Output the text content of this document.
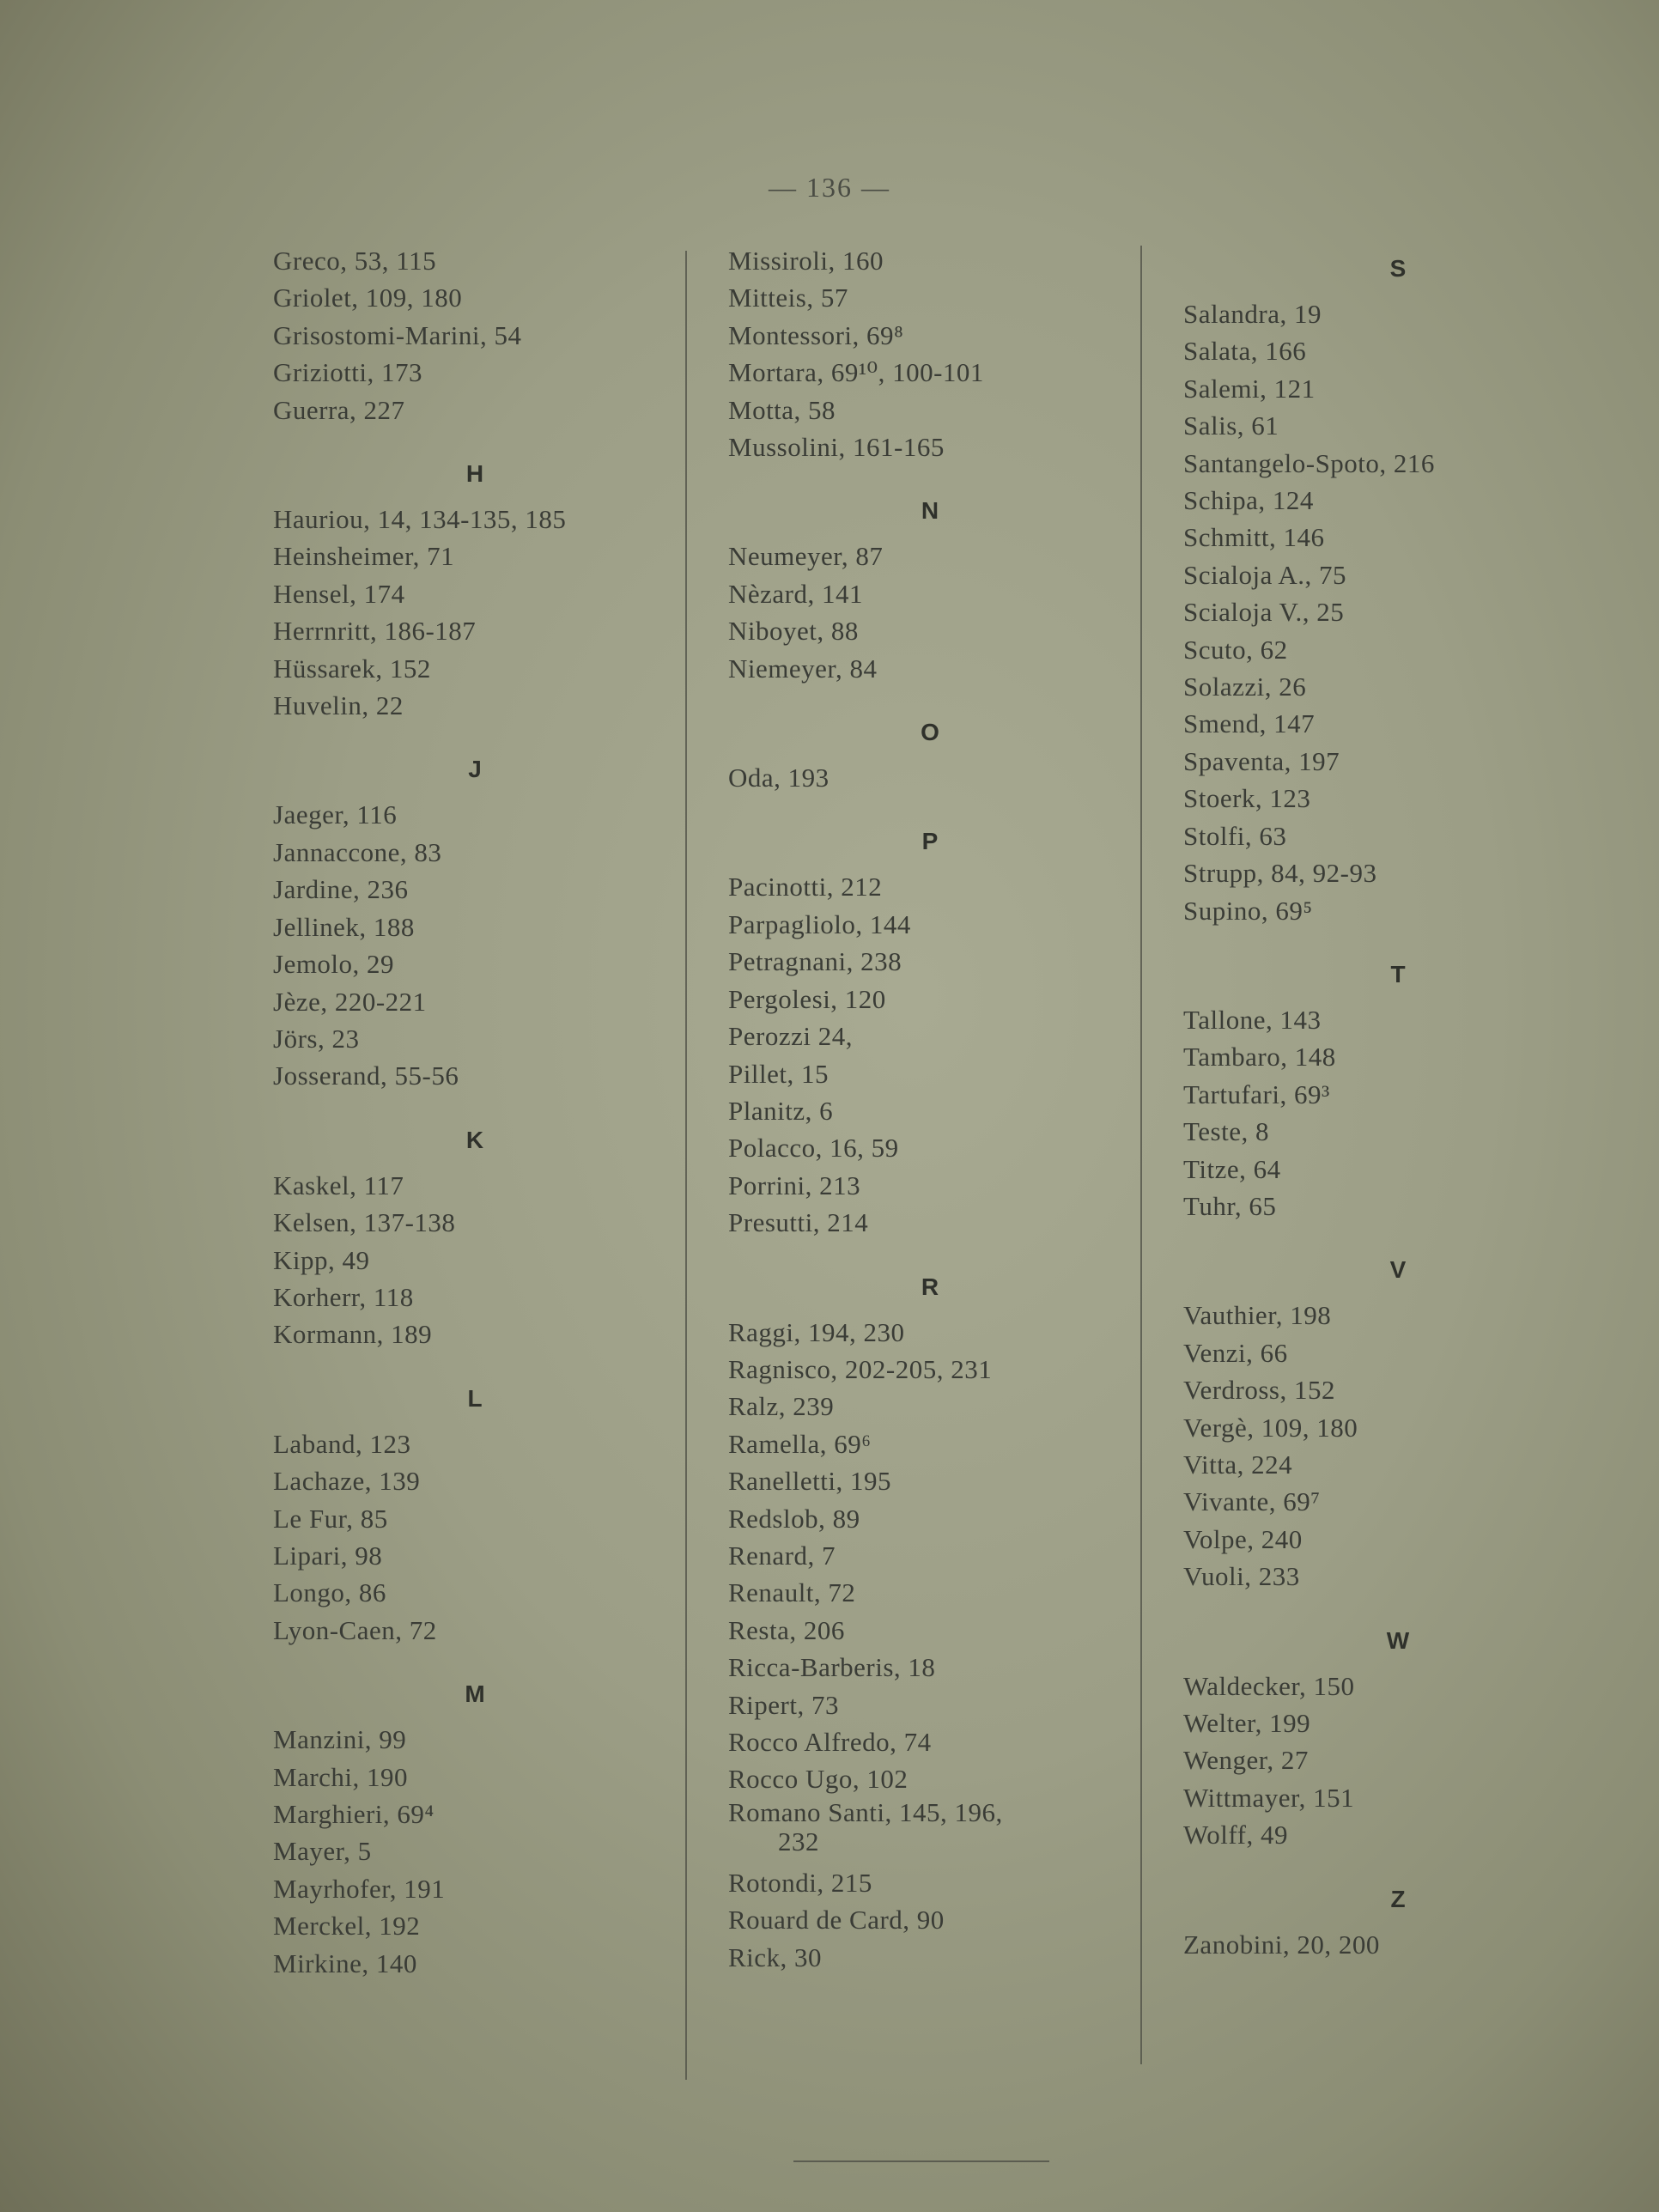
— 136 —
Greco, 53, 115
Griolet, 109, 180
Grisostomi-Marini, 54
Griziotti, 173
Guerra, 227
H
Hauriou, 14, 134-135, 185
Heinsheimer, 71
Hensel, 174
Herrnritt, 186-187
Hüssarek, 152
Huvelin, 22
J
Jaeger, 116
Jannaccone, 83
Jardine, 236
Jellinek, 188
Jemolo, 29
Jèze, 220-221
Jörs, 23
Josserand, 55-56
K
Kaskel, 117
Kelsen, 137-138
Kipp, 49
Korherr, 118
Kormann, 189
L
Laband, 123
Lachaze, 139
Le Fur, 85
Lipari, 98
Longo, 86
Lyon-Caen, 72
M
Manzini, 99
Marchi, 190
Marghieri, 69⁴
Mayer, 5
Mayrhofer, 191
Merckel, 192
Mirkine, 140
Missiroli, 160
Mitteis, 57
Montessori, 69⁸
Mortara, 69¹⁰, 100-101
Motta, 58
Mussolini, 161-165
N
Neumeyer, 87
Nèzard, 141
Niboyet, 88
Niemeyer, 84
O
Oda, 193
P
Pacinotti, 212
Parpagliolo, 144
Petragnani, 238
Pergolesi, 120
Perozzi 24,
Pillet, 15
Planitz, 6
Polacco, 16, 59
Porrini, 213
Presutti, 214
R
Raggi, 194, 230
Ragnisco, 202-205, 231
Ralz, 239
Ramella, 69⁶
Ranelletti, 195
Redslob, 89
Renard, 7
Renault, 72
Resta, 206
Ricca-Barberis, 18
Ripert, 73
Rocco Alfredo, 74
Rocco Ugo, 102
Romano Santi, 145, 196,
232
Rotondi, 215
Rouard de Card, 90
Rick, 30
S
Salandra, 19
Salata, 166
Salemi, 121
Salis, 61
Santangelo-Spoto, 216
Schipa, 124
Schmitt, 146
Scialoja A., 75
Scialoja V., 25
Scuto, 62
Solazzi, 26
Smend, 147
Spaventa, 197
Stoerk, 123
Stolfi, 63
Strupp, 84, 92-93
Supino, 69⁵
T
Tallone, 143
Tambaro, 148
Tartufari, 69³
Teste, 8
Titze, 64
Tuhr, 65
V
Vauthier, 198
Venzi, 66
Verdross, 152
Vergè, 109, 180
Vitta, 224
Vivante, 69⁷
Volpe, 240
Vuoli, 233
W
Waldecker, 150
Welter, 199
Wenger, 27
Wittmayer, 151
Wolff, 49
Z
Zanobini, 20, 200
